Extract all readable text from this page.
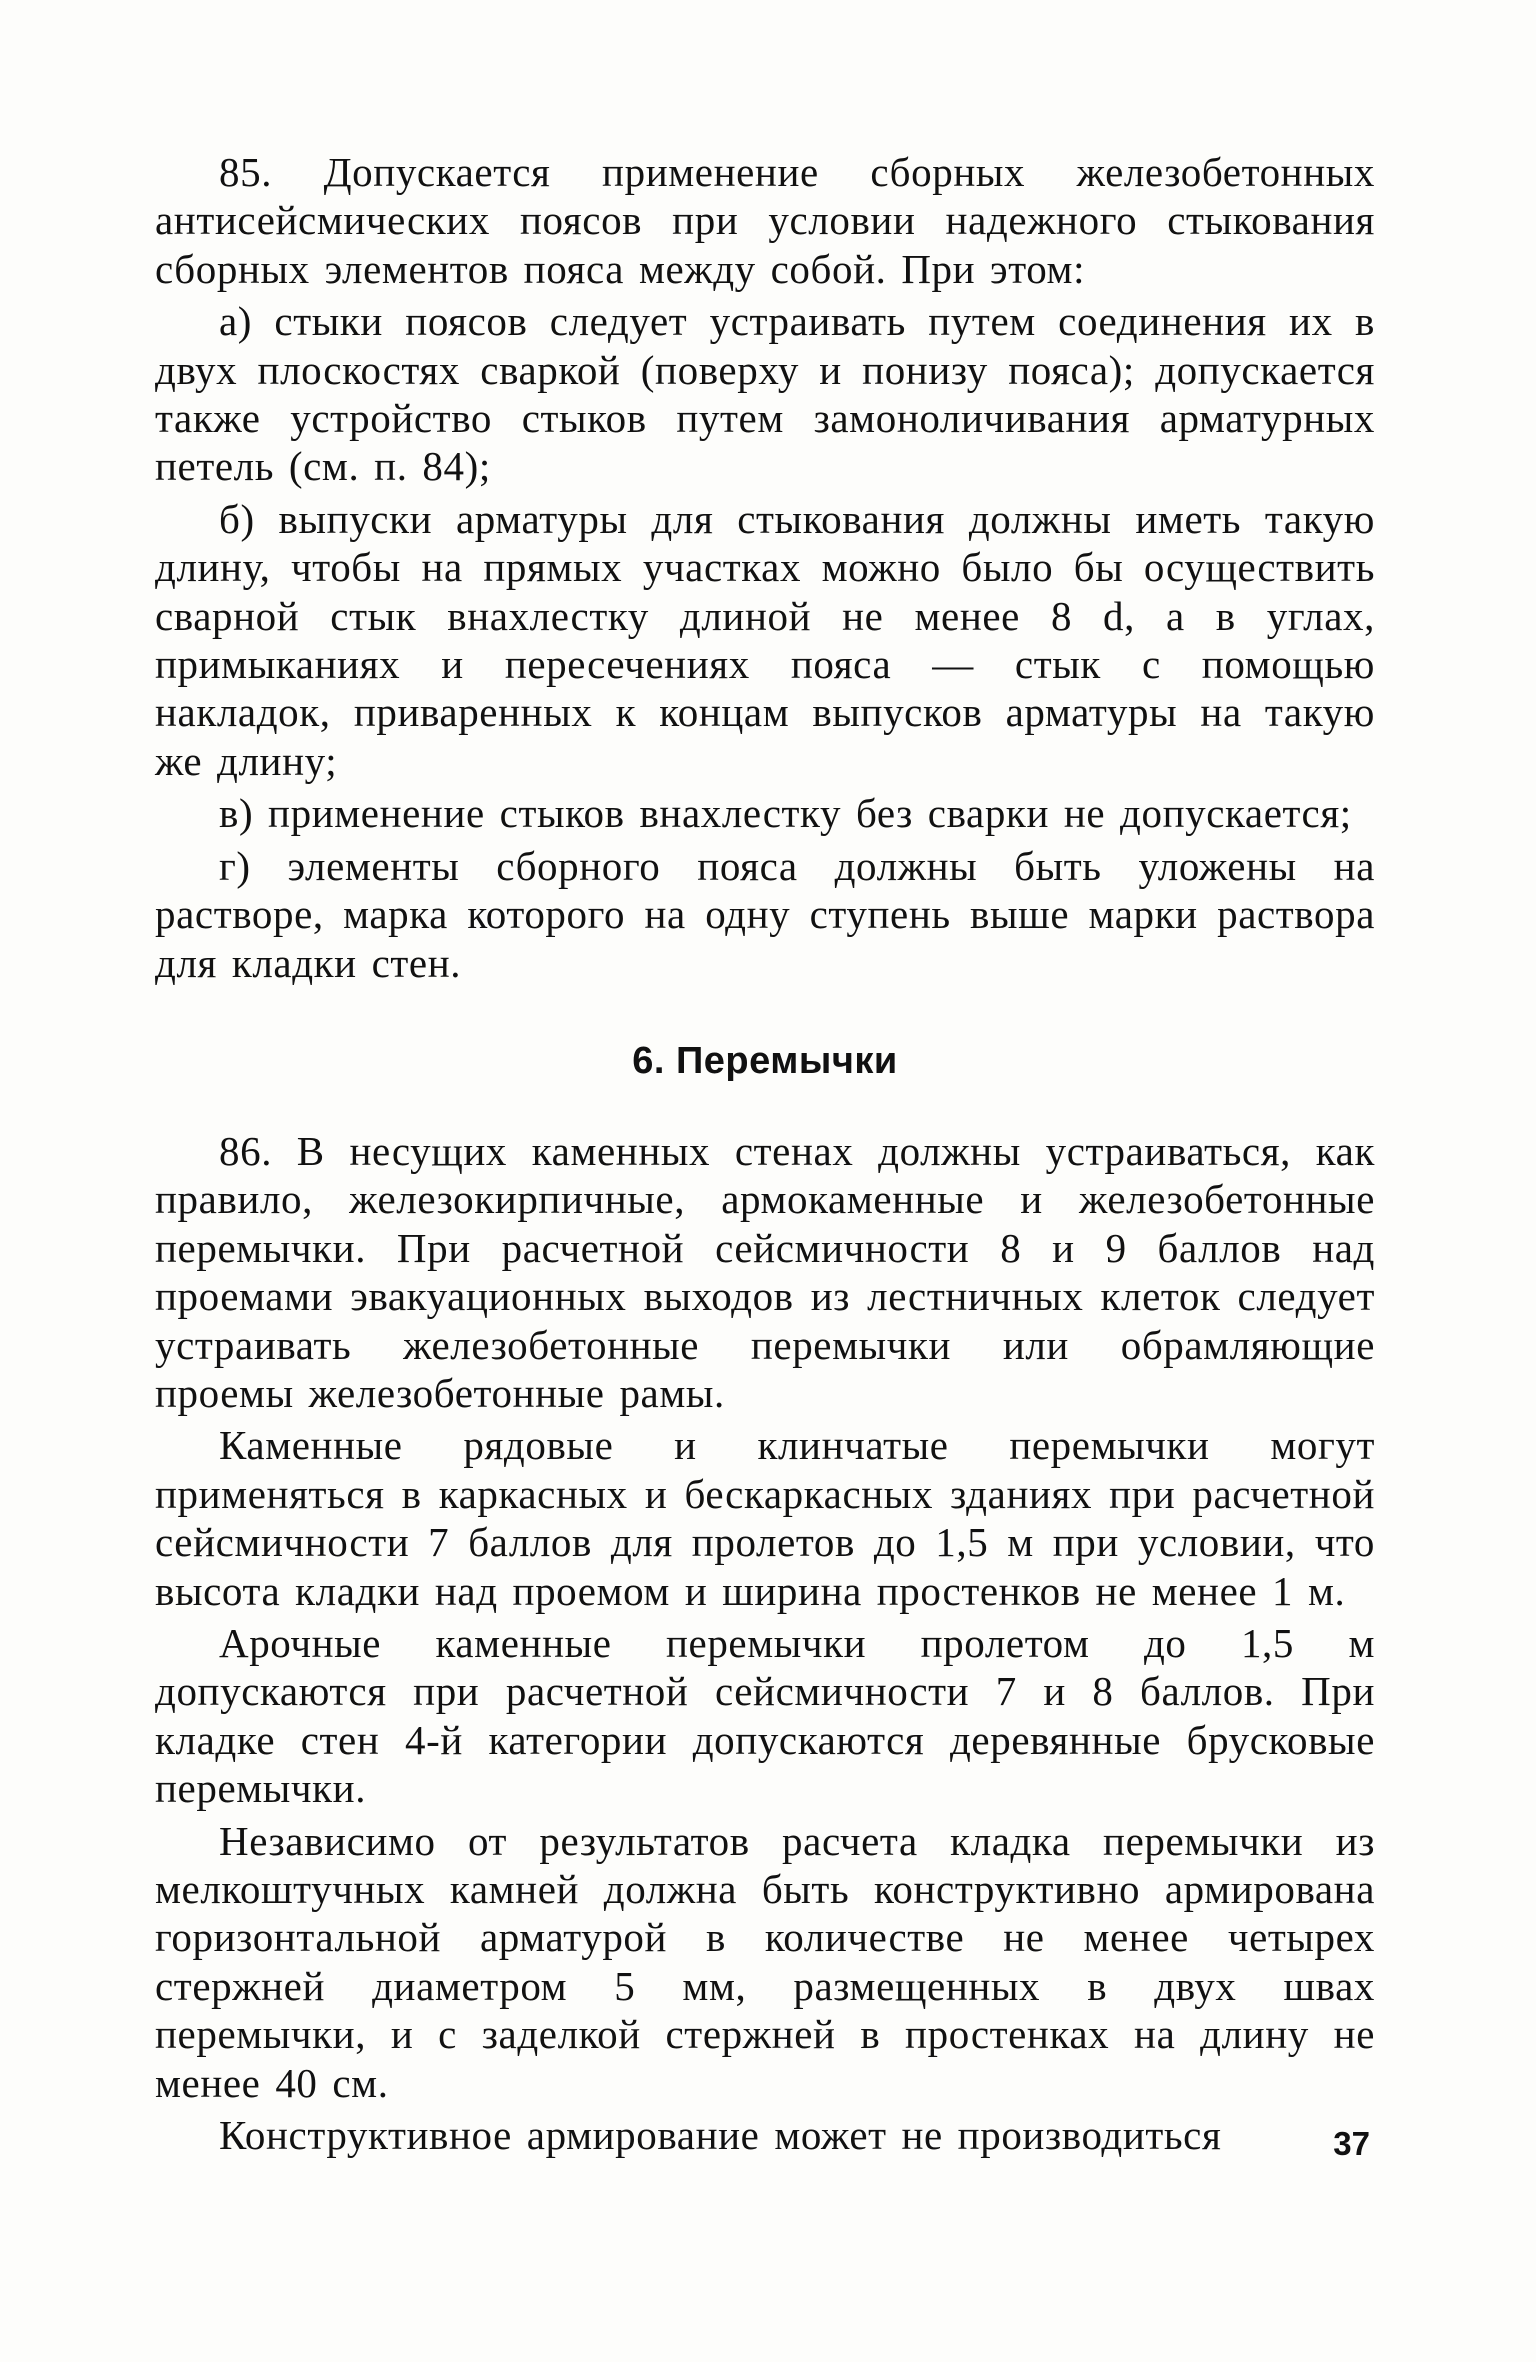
85. Допускается применение сборных железобетонных антисейсмических поясов при условии надежного стыкования сборных элементов пояса между собой. При этом:

а) стыки поясов следует устраивать путем соединения их в двух плоскостях сваркой (поверху и понизу пояса); допускается также устройство стыков путем замоноличивания арматурных петель (см. п. 84);

б) выпуски арматуры для стыкования должны иметь такую длину, чтобы на прямых участках можно было бы осуществить сварной стык внахлестку длиной не менее 8 d, а в углах, примыканиях и пересечениях пояса — стык с помощью накладок, приваренных к концам выпусков арматуры на такую же длину;

в) применение стыков внахлестку без сварки не допускается;

г) элементы сборного пояса должны быть уложены на растворе, марка которого на одну ступень выше марки раствора для кладки стен.

6. Перемычки

86. В несущих каменных стенах должны устраиваться, как правило, железокирпичные, армокаменные и железобетонные перемычки. При расчетной сейсмичности 8 и 9 баллов над проемами эвакуационных выходов из лестничных клеток следует устраивать железобетонные перемычки или обрамляющие проемы железобетонные рамы.

Каменные рядовые и клинчатые перемычки могут применяться в каркасных и бескаркасных зданиях при расчетной сейсмичности 7 баллов для пролетов до 1,5 м при условии, что высота кладки над проемом и ширина простенков не менее 1 м.

Арочные каменные перемычки пролетом до 1,5 м допускаются при расчетной сейсмичности 7 и 8 баллов. При кладке стен 4-й категории допускаются деревянные брусковые перемычки.

Независимо от результатов расчета кладка перемычки из мелкоштучных камней должна быть конструктивно армирована горизонтальной арматурой в количестве не менее четырех стержней диаметром 5 мм, размещенных в двух швах перемычки, и с заделкой стержней в простенках на длину не менее 40 см.

Конструктивное армирование может не производиться	37
